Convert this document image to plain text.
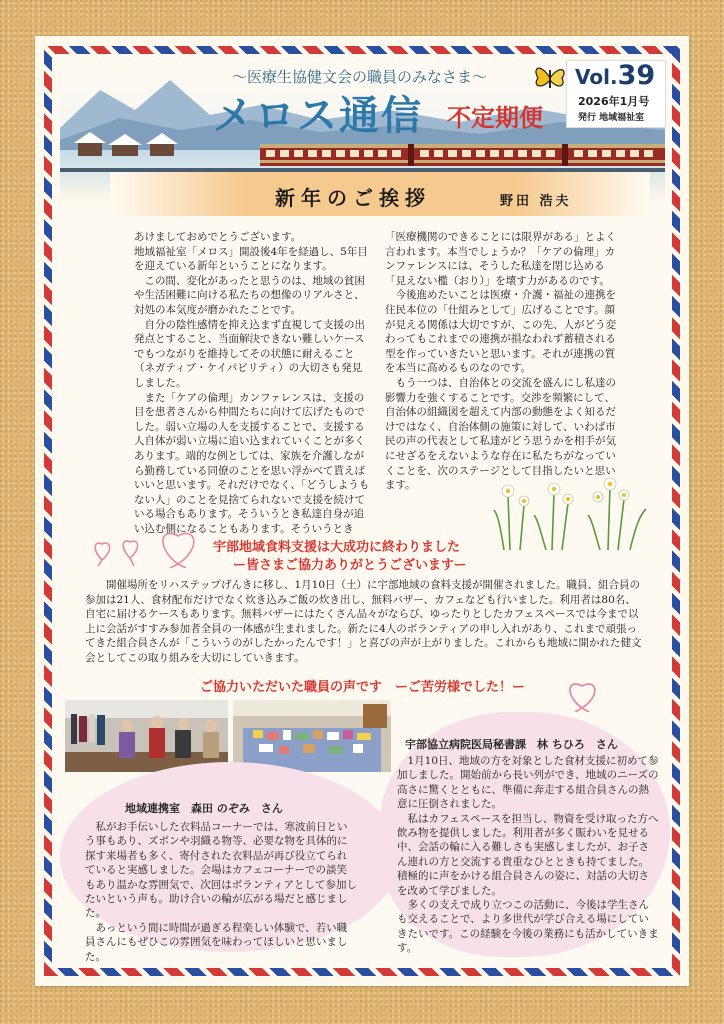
〜医療生協健文会の職員のみなさま〜
メロス通信 不定期便
Vol.39
2026年1月号
発行 地域福祉室
新年のご挨拶	野田 浩夫

あけましておめでとうございます。

地域福祉室「メロス」開設後4年を経過し、5年目を迎えている新年ということになります。

　この間、変化があったと思うのは、地域の貧困や生活困難に向ける私たちの想像のリアルさと、対処の本気度が磨かれたことです。

　自分の陰性感情を抑え込まず直視して支援の出発点とすること、当面解決できない難しいケースでもつながりを維持してその状態に耐えること（ネガティブ・ケイパビリティ）の大切さも発見しました。

　また「ケアの倫理」カンファレンスは、支援の目を患者さんから仲間たちに向けて広げたものでした。弱い立場の人を支援することで、支援する人自体が弱い立場に追い込まれていくことが多くあります。端的な例としては、家族を介護しながら勤務している同僚のことを思い浮かべて貰えばいいと思います。それだけでなく、「どうしようもない人」のことを見捨てられないで支援を続けている場合もあります。そういうとき私達自身が追い込む側になることもあります。そういうとき

「医療機関のできることには限界がある」とよく言われます。本当でしょうか？「ケアの倫理」カンファレンスには、そうした私達を閉じ込める「見えない檻（おり）」を壊す力があるのです。

　今後進めたいことは医療・介護・福祉の連携を住民本位の「仕組みとして」広げることです。顔が見える関係は大切ですが、この先、人がどう変わってもこれまでの連携が損なわれず蓄積される型を作っていきたいと思います。それが連携の質を本当に高めるものなのです。

　もう一つは、自治体との交流を盛んにし私達の影響力を強くすることです。交渉を頻繁にして、自治体の組織図を超えて内部の動態をよく知るだけではなく、自治体側の施策に対して、いわば市民の声の代表として私達がどう思うかを相手が気にせざるをえないような存在に私たちがなっていくことを、次のステージとして目指したいと思います。

宇部地域食料支援は大成功に終わりました
ー皆さまご協力ありがとうございますー
開催場所をリハステップげんきに移し、1月10日（土）に宇部地域の食料支援が開催されました。職員、組合員の参加は21人、食材配布だけでなく炊き込みご飯の炊き出し、無料バザー、カフェなども行いました。利用者は80名、自宅に届けるケースもあります。無料バザーにはたくさん品々がならび、ゆったりとしたカフェスペースでは今まで以上に会話がすすみ参加者全員の一体感が生まれました。新たに4人のボランティアの申し入れがあり、これまで頑張ってきた組合員さんが「こういうのがしたかったんです！」と喜びの声が上がりました。これからも地域に開かれた健文会としてこの取り組みを大切にしていきます。
ご協力いただいた職員の声です　ーご苦労様でした！ー
地域連携室　森田 のぞみ　さん

私がお手伝いした衣料品コーナーでは、寒波前日という事もあり、ズボンや羽織る物等、必要な物を具体的に探す来場者も多く、寄付された衣料品が再び役立てられていると実感しました。会場はカフェコーナーでの談笑もあり温かな雰囲気で、次回はボランティアとして参加したいという声も。助け合いの輪が広がる場だと感じました。

あっという間に時間が過ぎる程楽しい体験で、若い職員さんにもぜひこの雰囲気を味わってほしいと思いました。

宇部協立病院医局秘書課　林 ちひろ　さん

1月10日、地域の方を対象とした食材支援に初めて参加しました。開始前から長い列ができ、地域のニーズの高さに驚くとともに、準備に奔走する組合員さんの熱意に圧倒されました。

私はカフェスペースを担当し、物資を受け取った方へ飲み物を提供しました。利用者が多く賑わいを見せる中、会話の輪に入る難しさも実感しましたが、お子さん連れの方と交流する貴重なひとときも持てました。積極的に声をかける組合員さんの姿に、対話の大切さを改めて学びました。

多くの支えで成り立つこの活動に、今後は学生さんも交えることで、より多世代が学び合える場にしていきたいです。この経験を今後の業務にも活かしていきます。
